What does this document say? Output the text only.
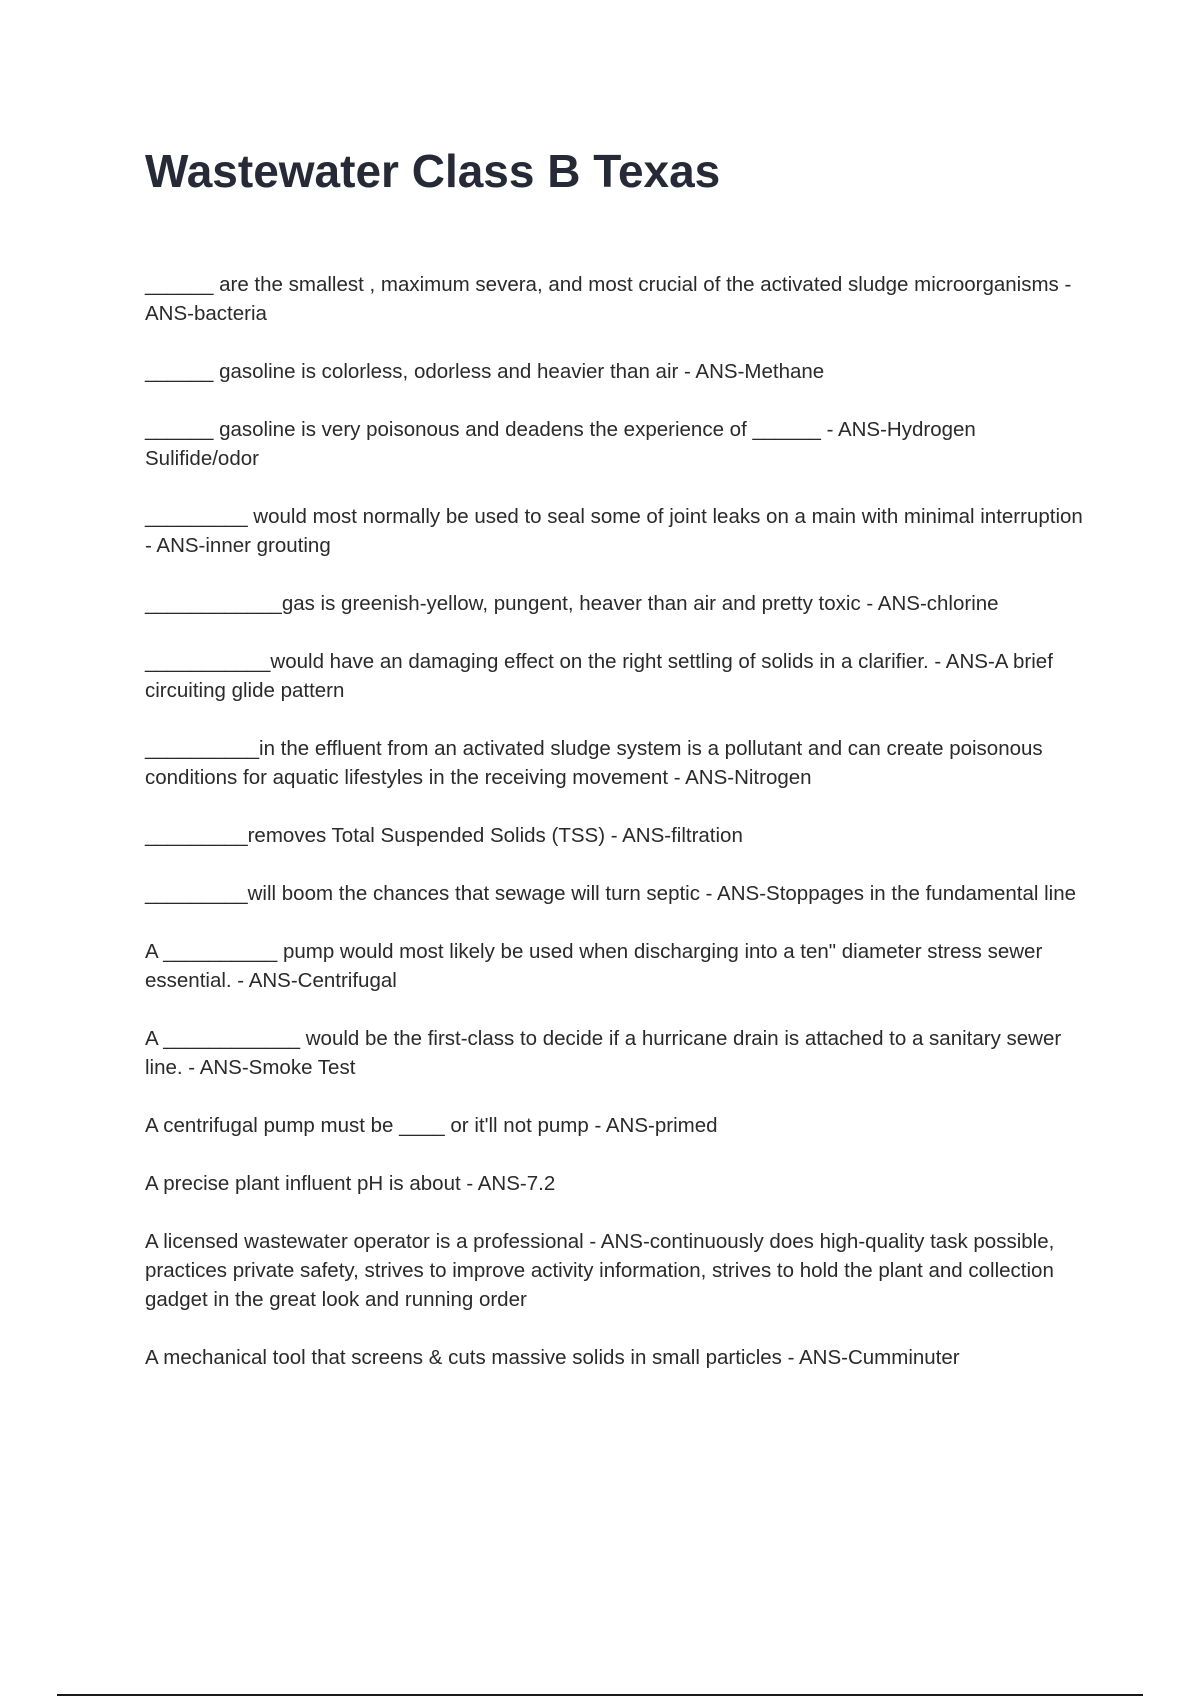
Wastewater Class B Texas
______ are the smallest , maximum severa, and most crucial of the activated sludge microorganisms - ANS-bacteria
______ gasoline is colorless, odorless and heavier than air - ANS-Methane
______ gasoline is very poisonous and deadens the experience of ______ - ANS-Hydrogen Sulifide/odor
_________ would most normally be used to seal some of joint leaks on a main with minimal interruption - ANS-inner grouting
____________gas is greenish-yellow, pungent, heaver than air and pretty toxic - ANS-chlorine
___________would have an damaging effect on the right settling of solids in a clarifier. - ANS-A brief circuiting glide pattern
__________in the effluent from an activated sludge system is a pollutant and can create poisonous conditions for aquatic lifestyles in the receiving movement - ANS-Nitrogen
_________removes Total Suspended Solids (TSS) - ANS-filtration
_________will boom the chances that sewage will turn septic - ANS-Stoppages in the fundamental line
A __________ pump would most likely be used when discharging into a ten" diameter stress sewer essential. - ANS-Centrifugal
A ____________ would be the first-class to decide if a hurricane drain is attached to a sanitary sewer line. - ANS-Smoke Test
A centrifugal pump must be ____ or it'll not pump - ANS-primed
A precise plant influent pH is about - ANS-7.2
A licensed wastewater operator is a professional - ANS-continuously does high-quality task possible, practices private safety, strives to improve activity information, strives to hold the plant and collection gadget in the great look and running order
A mechanical tool that screens & cuts massive solids in small particles - ANS-Cumminuter
